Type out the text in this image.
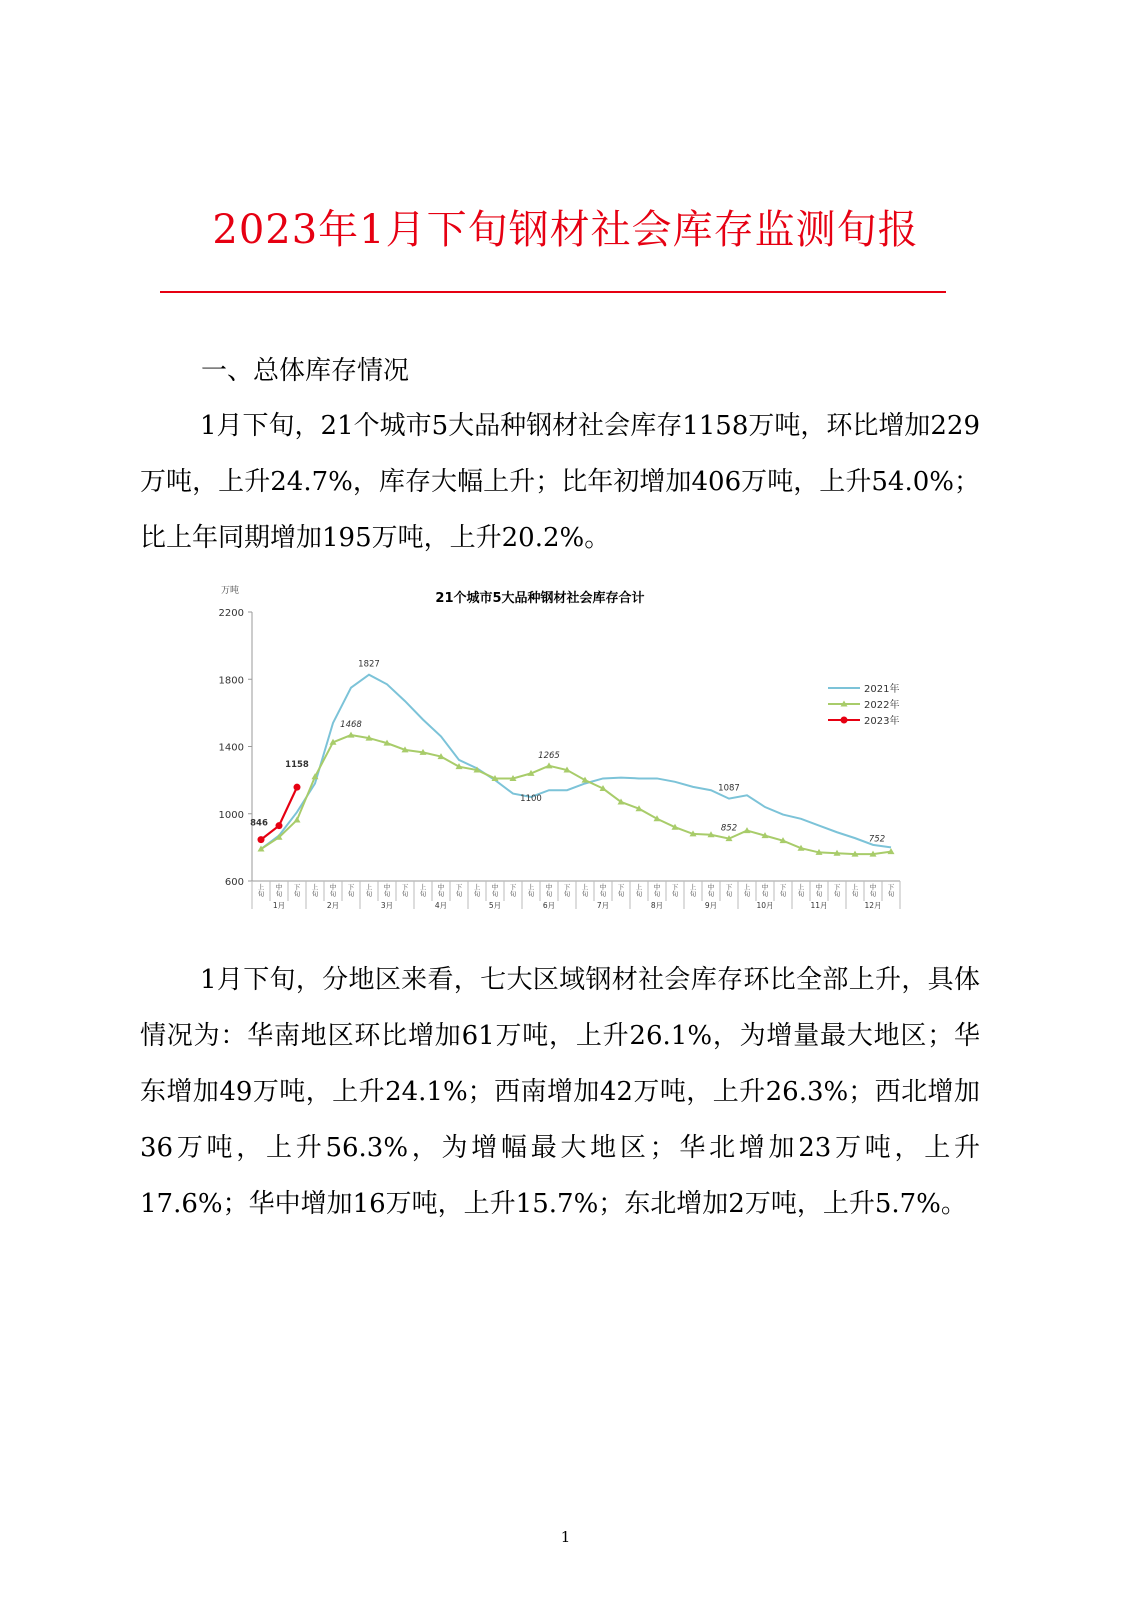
2023年1月下旬钢材社会库存监测旬报
一、总体库存情况
1月下旬，21个城市5大品种钢材社会库存1158万吨，环比增加229万吨，上升24.7%，库存大幅上升；比年初增加406万吨，上升54.0%；比上年同期增加195万吨，上升20.2%。
21个城市5大品种钢材社会库存合计
万吨
600
1000
1400
1800
2200
上
旬
中
旬
下
旬
上
旬
中
旬
下
旬
上
旬
中
旬
下
旬
上
旬
中
旬
下
旬
上
旬
中
旬
下
旬
上
旬
中
旬
下
旬
上
旬
中
旬
下
旬
上
旬
中
旬
下
旬
上
旬
中
旬
下
旬
上
旬
中
旬
下
旬
上
旬
中
旬
下
旬
上
旬
中
旬
下
旬
1月	2月	3月	4月	5月	6月	7月	8月	9月	10月	11月	12月
1827
1468
1100
1265
1087
852
752
846
1158
2021年
2022年
2023年
1月下旬，分地区来看，七大区域钢材社会库存环比全部上升，具体情况为：华南地区环比增加61万吨，上升26.1%，为增量最大地区；华东增加49万吨，上升24.1%；西南增加42万吨，上升26.3%；西北增加36万吨，上升56.3%，为增幅最大地区；华北增加23万吨，上升17.6%；华中增加16万吨，上升15.7%；东北增加2万吨，上升5.7%。
1
